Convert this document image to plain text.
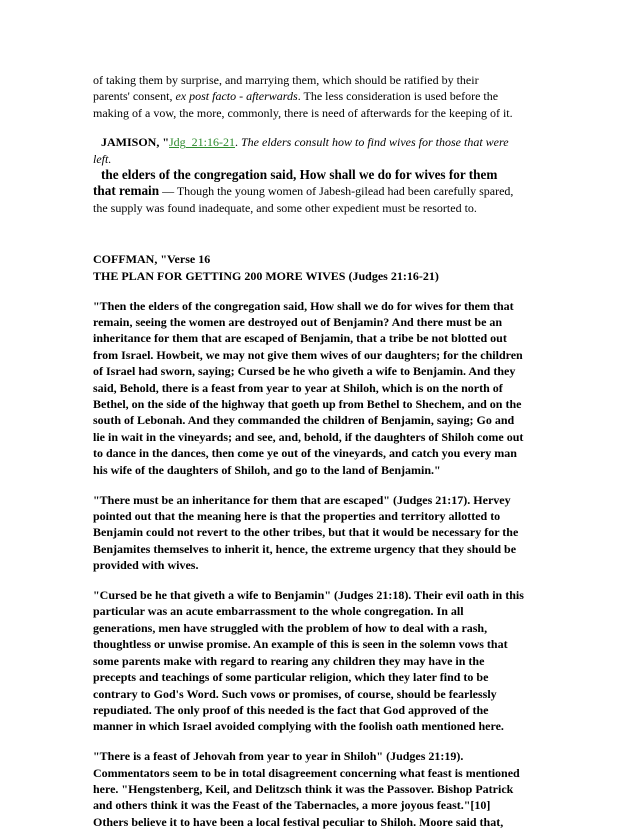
of taking them by surprise, and marrying them, which should be ratified by their
parents' consent, ex post facto - afterwards. The less consideration is used before the
making of a vow, the more, commonly, there is need of afterwards for the keeping of it.

JAMISON, "Jdg_21:16-21. The elders consult how to find wives for those that were
left.

the elders of the congregation said, How shall we do for wives for them
that remain — Though the young women of Jabesh-gilead had been carefully spared,
the supply was found inadequate, and some other expedient must be resorted to.

COFFMAN, "Verse 16
THE PLAN FOR GETTING 200 MORE WIVES (Judges 21:16-21)

"Then the elders of the congregation said, How shall we do for wives for them that
remain, seeing the women are destroyed out of Benjamin? And there must be an
inheritance for them that are escaped of Benjamin, that a tribe be not blotted out
from Israel. Howbeit, we may not give them wives of our daughters; for the children
of Israel had sworn, saying; Cursed be he who giveth a wife to Benjamin. And they
said, Behold, there is a feast from year to year at Shiloh, which is on the north of
Bethel, on the side of the highway that goeth up from Bethel to Shechem, and on the
south of Lebonah. And they commanded the children of Benjamin, saying; Go and
lie in wait in the vineyards; and see, and, behold, if the daughters of Shiloh come out
to dance in the dances, then come ye out of the vineyards, and catch you every man
his wife of the daughters of Shiloh, and go to the land of Benjamin."

"There must be an inheritance for them that are escaped" (Judges 21:17). Hervey
pointed out that the meaning here is that the properties and territory allotted to
Benjamin could not revert to the other tribes, but that it would be necessary for the
Benjamites themselves to inherit it, hence, the extreme urgency that they should be
provided with wives.

"Cursed be he that giveth a wife to Benjamin" (Judges 21:18). Their evil oath in this
particular was an acute embarrassment to the whole congregation. In all
generations, men have struggled with the problem of how to deal with a rash,
thoughtless or unwise promise. An example of this is seen in the solemn vows that
some parents make with regard to rearing any children they may have in the
precepts and teachings of some particular religion, which they later find to be
contrary to God's Word. Such vows or promises, of course, should be fearlessly
repudiated. The only proof of this needed is the fact that God approved of the
manner in which Israel avoided complying with the foolish oath mentioned here.

"There is a feast of Jehovah from year to year in Shiloh" (Judges 21:19).
Commentators seem to be in total disagreement concerning what feast is mentioned
here. "Hengstenberg, Keil, and Delitzsch think it was the Passover. Bishop Patrick
and others think it was the Feast of the Tabernacles, a more joyous feast."[10]
Others believe it to have been a local festival peculiar to Shiloh. Moore said that,
